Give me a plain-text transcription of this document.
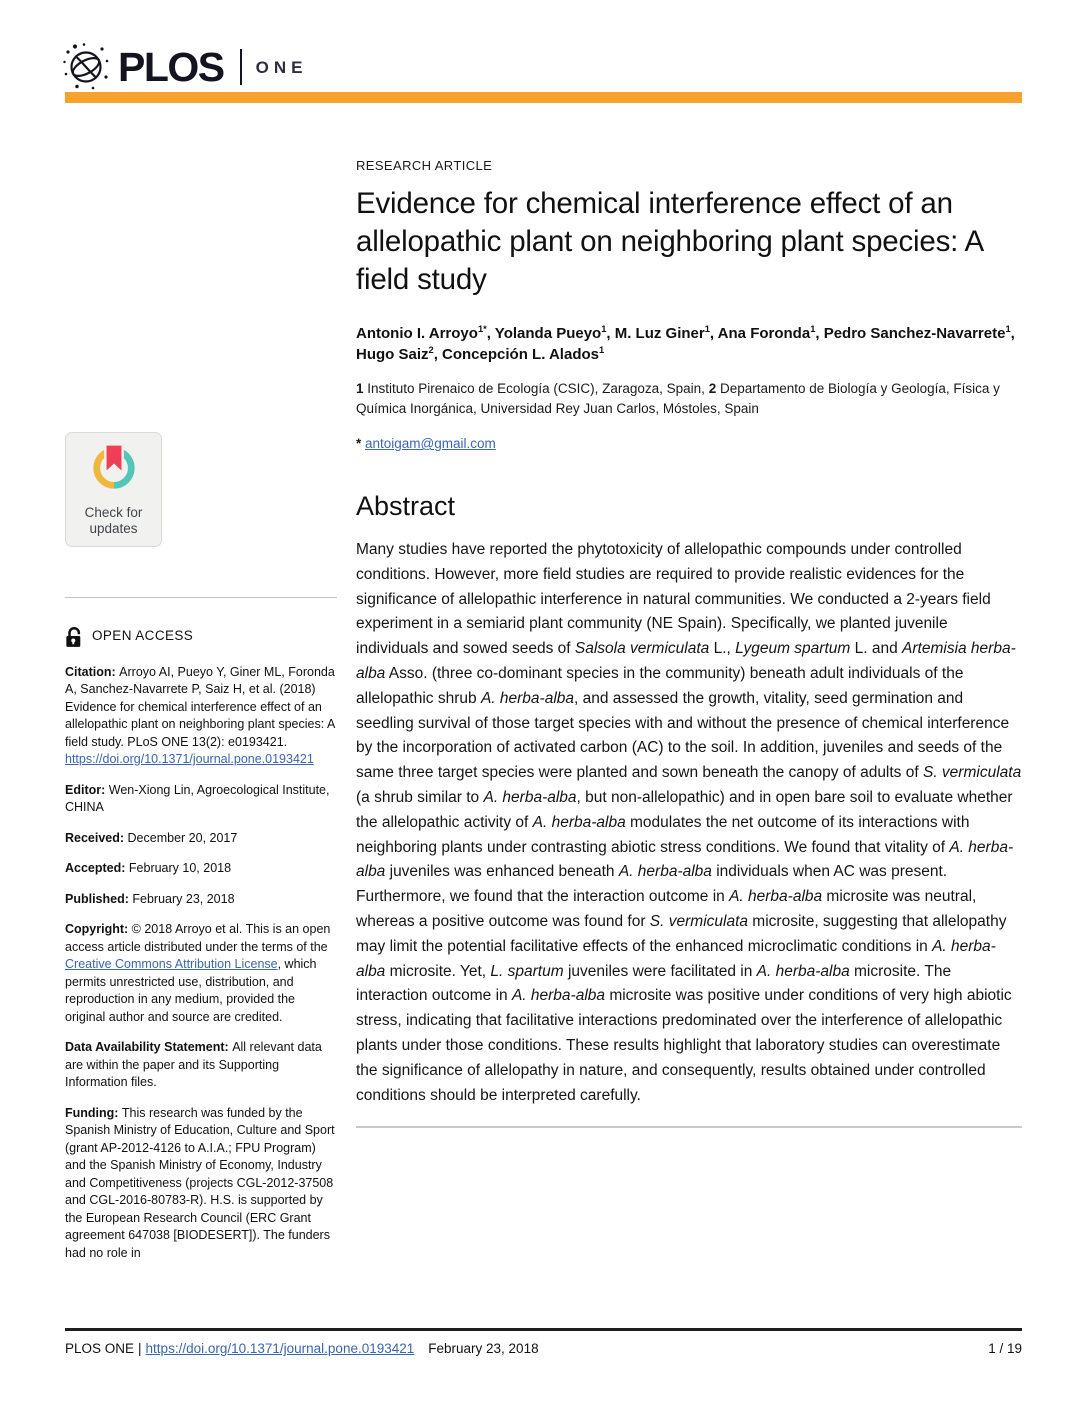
PLOS ONE
Check for
updates
OPEN ACCESS

Citation: Arroyo AI, Pueyo Y, Giner ML, Foronda A, Sanchez-Navarrete P, Saiz H, et al. (2018) Evidence for chemical interference effect of an allelopathic plant on neighboring plant species: A field study. PLoS ONE 13(2): e0193421. https://doi.org/10.1371/journal.pone.0193421

Editor: Wen-Xiong Lin, Agroecological Institute, CHINA

Received: December 20, 2017

Accepted: February 10, 2018

Published: February 23, 2018

Copyright: © 2018 Arroyo et al. This is an open access article distributed under the terms of the Creative Commons Attribution License, which permits unrestricted use, distribution, and reproduction in any medium, provided the original author and source are credited.

Data Availability Statement: All relevant data are within the paper and its Supporting Information files.

Funding: This research was funded by the Spanish Ministry of Education, Culture and Sport (grant AP-2012-4126 to A.I.A.; FPU Program) and the Spanish Ministry of Economy, Industry and Competitiveness (projects CGL-2012-37508 and CGL-2016-80783-R). H.S. is supported by the European Research Council (ERC Grant agreement 647038 [BIODESERT]). The funders had no role in

RESEARCH ARTICLE
Evidence for chemical interference effect of an allelopathic plant on neighboring plant species: A field study

Antonio I. Arroyo$^{1*}$, Yolanda Pueyo$^1$, M. Luz Giner$^1$, Ana Foronda$^1$, Pedro Sanchez-Navarrete$^1$, Hugo Saiz$^2$, Concepción L. Alados$^1$

1 Instituto Pirenaico de Ecología (CSIC), Zaragoza, Spain, 2 Departamento de Biología y Geología, Física y Química Inorgánica, Universidad Rey Juan Carlos, Móstoles, Spain

* antoigam@gmail.com

Abstract

Many studies have reported the phytotoxicity of allelopathic compounds under controlled conditions. However, more field studies are required to provide realistic evidences for the significance of allelopathic interference in natural communities. We conducted a 2-years field experiment in a semiarid plant community (NE Spain). Specifically, we planted juvenile individuals and sowed seeds of Salsola vermiculata L., Lygeum spartum L. and Artemisia herba-alba Asso. (three co-dominant species in the community) beneath adult individuals of the allelopathic shrub A. herba-alba, and assessed the growth, vitality, seed germination and seedling survival of those target species with and without the presence of chemical interference by the incorporation of activated carbon (AC) to the soil. In addition, juveniles and seeds of the same three target species were planted and sown beneath the canopy of adults of S. vermiculata (a shrub similar to A. herba-alba, but non-allelopathic) and in open bare soil to evaluate whether the allelopathic activity of A. herba-alba modulates the net outcome of its interactions with neighboring plants under contrasting abiotic stress conditions. We found that vitality of A. herba-alba juveniles was enhanced beneath A. herba-alba individuals when AC was present. Furthermore, we found that the interaction outcome in A. herba-alba microsite was neutral, whereas a positive outcome was found for S. vermiculata microsite, suggesting that allelopathy may limit the potential facilitative effects of the enhanced microclimatic conditions in A. herba-alba microsite. Yet, L. spartum juveniles were facilitated in A. herba-alba microsite. The interaction outcome in A. herba-alba microsite was positive under conditions of very high abiotic stress, indicating that facilitative interactions predominated over the interference of allelopathic plants under those conditions. These results highlight that laboratory studies can overestimate the significance of allelopathy in nature, and consequently, results obtained under controlled conditions should be interpreted carefully.

PLOS ONE | https://doi.org/10.1371/journal.pone.0193421 February 23, 2018	1 / 19
